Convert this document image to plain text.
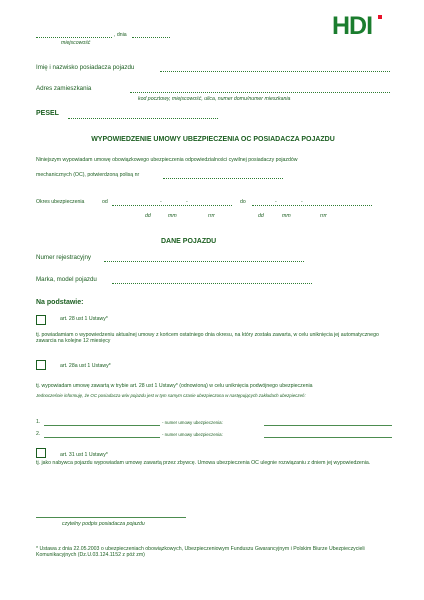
HDI
, dnia
miejscowość
Imię i nazwisko posiadacza pojazdu
Adres zamieszkania
kod pocztowy, miejscowość, ulica, numer domu/numer mieszkania
PESEL
WYPOWIEDZENIE UMOWY UBEZPIECZENIA OC POSIADACZA POJAZDU
Niniejszym wypowiadam umowę obowiązkowego ubezpieczenia odpowiedzialności cywilnej posiadaczy pojazdów
mechanicznych (OC), potwierdzoną polisą nr
Okres ubezpieczenia	od	-	-	do	-	-
dd	mm	rrrr	dd	mm	rrrr
DANE POJAZDU
Numer rejestracyjny
Marka, model pojazdu
Na podstawie:
art. 28 ust 1 Ustawy*
tj. powiadamiam o wypowiedzeniu aktualnej umowy z końcem ostatniego dnia okresu, na który została zawarta, w celu uniknięcia jej automatycznego zawarcia na kolejne 12 miesięcy
art. 28a ust 1 Ustawy*
tj. wypowiadam umowę zawartą w trybie art. 28 ust 1 Ustawy* (odnowioną) w celu uniknięcia podwójnego ubezpieczenia
Jednocześnie informuję, że OC posiadacza w/w pojazdu jest w tym samym czasie ubezpieczona w następujących zakładach ubezpieczeń:
1.	- numer umowy ubezpieczenia:
2.	- numer umowy ubezpieczenia:
art. 31 ust 1 Ustawy*
tj. jako nabywca pojazdu wypowiadam umowę zawartą przez zbywcę. Umowa ubezpieczenia OC ulegnie rozwiązaniu z dniem jej wypowiedzenia.
czytelny podpis posiadacza pojazdu
* Ustawa z dnia 22.05.2003 o ubezpieczeniach obowiązkowych, Ubezpieczeniowym Funduszu Gwarancyjnym i Polskim Biurze Ubezpieczycieli Komunikacyjnych (Dz.U.03.124.1152 z póź zm)
